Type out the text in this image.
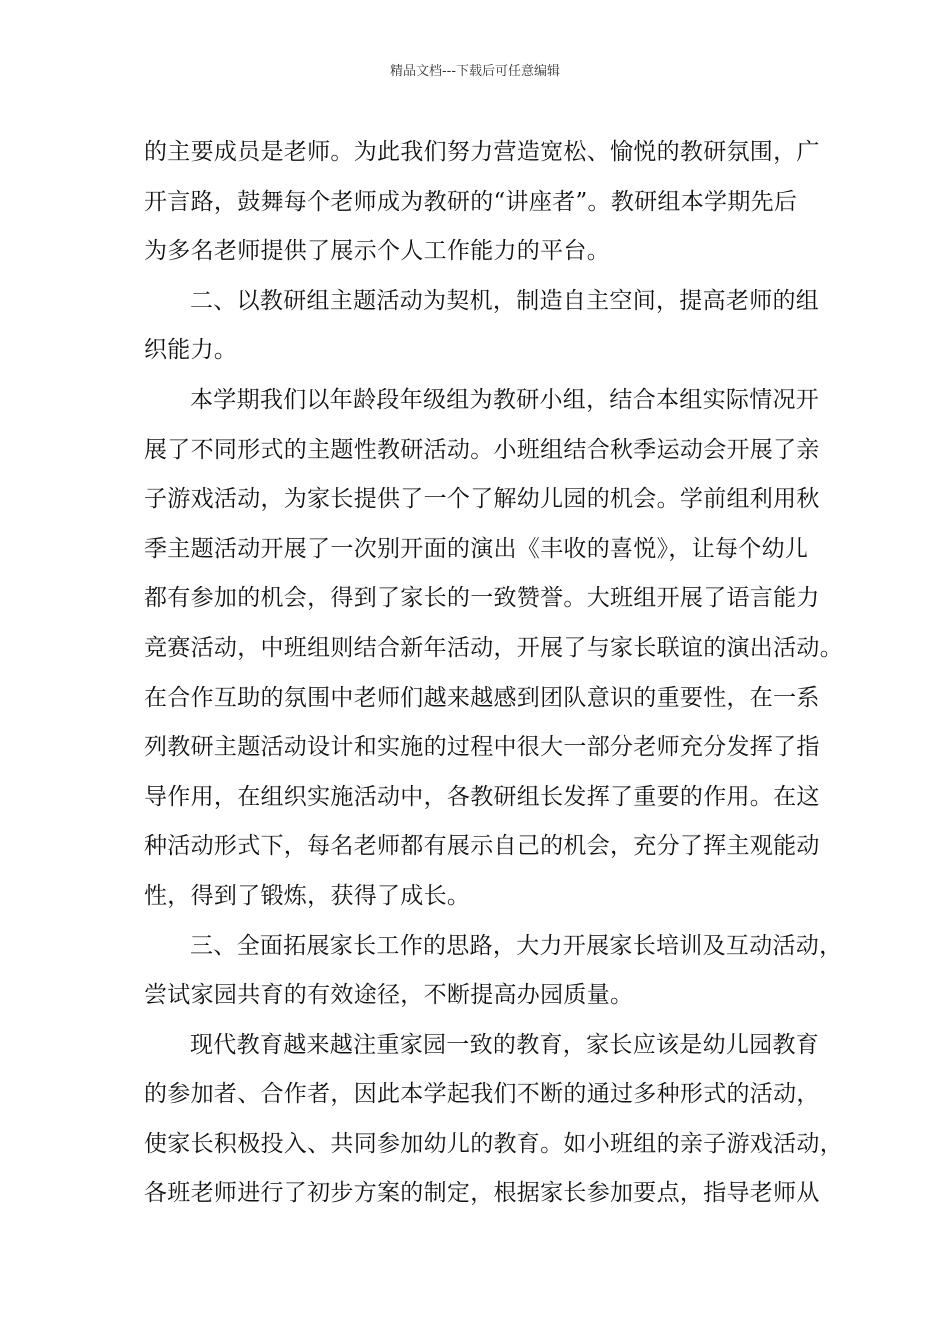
精品文档---下载后可任意编辑
的主要成员是老师。为此我们努力营造宽松、愉悦的教研氛围，广
开言路，鼓舞每个老师成为教研的“讲座者”。教研组本学期先后
为多名老师提供了展示个人工作能力的平台。
二、以教研组主题活动为契机，制造自主空间，提高老师的组
织能力。
本学期我们以年龄段年级组为教研小组，结合本组实际情况开
展了不同形式的主题性教研活动。小班组结合秋季运动会开展了亲
子游戏活动，为家长提供了一个了解幼儿园的机会。学前组利用秋
季主题活动开展了一次别开面的演出《丰收的喜悦》，让每个幼儿
都有参加的机会，得到了家长的一致赞誉。大班组开展了语言能力
竞赛活动，中班组则结合新年活动，开展了与家长联谊的演出活动。
在合作互助的氛围中老师们越来越感到团队意识的重要性，在一系
列教研主题活动设计和实施的过程中很大一部分老师充分发挥了指
导作用，在组织实施活动中，各教研组长发挥了重要的作用。在这
种活动形式下，每名老师都有展示自己的机会，充分了挥主观能动
性，得到了锻炼，获得了成长。
三、全面拓展家长工作的思路，大力开展家长培训及互动活动，
尝试家园共育的有效途径，不断提高办园质量。
现代教育越来越注重家园一致的教育，家长应该是幼儿园教育
的参加者、合作者，因此本学起我们不断的通过多种形式的活动，
使家长积极投入、共同参加幼儿的教育。如小班组的亲子游戏活动，
各班老师进行了初步方案的制定，根据家长参加要点，指导老师从
